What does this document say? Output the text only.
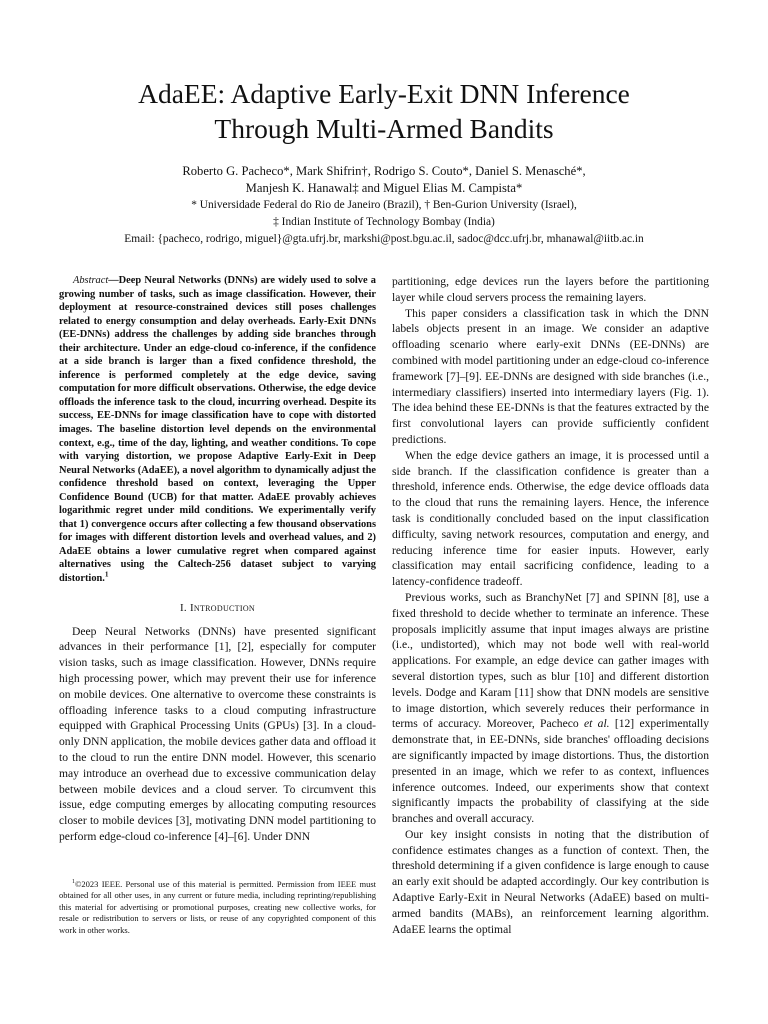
AdaEE: Adaptive Early-Exit DNN Inference
Through Multi-Armed Bandits
Roberto G. Pacheco*, Mark Shifrin†, Rodrigo S. Couto*, Daniel S. Menasché*,
Manjesh K. Hanawal‡ and Miguel Elias M. Campista*
* Universidade Federal do Rio de Janeiro (Brazil), † Ben-Gurion University (Israel),
‡ Indian Institute of Technology Bombay (India)
Email: {pacheco, rodrigo, miguel}@gta.ufrj.br, markshi@post.bgu.ac.il, sadoc@dcc.ufrj.br, mhanawal@iitb.ac.in

Abstract—Deep Neural Networks (DNNs) are widely used to solve a growing number of tasks, such as image classification. However, their deployment at resource-constrained devices still poses challenges related to energy consumption and delay overheads. Early-Exit DNNs (EE-DNNs) address the challenges by adding side branches through their architecture. Under an edge-cloud co-inference, if the confidence at a side branch is larger than a fixed confidence threshold, the inference is performed completely at the edge device, saving computation for more difficult observations. Otherwise, the edge device offloads the inference task to the cloud, incurring overhead. Despite its success, EE-DNNs for image classification have to cope with distorted images. The baseline distortion level depends on the environmental context, e.g., time of the day, lighting, and weather conditions. To cope with varying distortion, we propose Adaptive Early-Exit in Deep Neural Networks (AdaEE), a novel algorithm to dynamically adjust the confidence threshold based on context, leveraging the Upper Confidence Bound (UCB) for that matter. AdaEE provably achieves logarithmic regret under mild conditions. We experimentally verify that 1) convergence occurs after collecting a few thousand observations for images with different distortion levels and overhead values, and 2) AdaEE obtains a lower cumulative regret when compared against alternatives using the Caltech-256 dataset subject to varying distortion.$^1$

I. Introduction

Deep Neural Networks (DNNs) have presented significant advances in their performance [1], [2], especially for computer vision tasks, such as image classification. However, DNNs require high processing power, which may prevent their use for inference on mobile devices. One alternative to overcome these constraints is offloading inference tasks to a cloud computing infrastructure equipped with Graphical Processing Units (GPUs) [3]. In a cloud-only DNN application, the mobile devices gather data and offload it to the cloud to run the entire DNN model. However, this scenario may introduce an overhead due to excessive communication delay between mobile devices and a cloud server. To circumvent this issue, edge computing emerges by allocating computing resources closer to mobile devices [3], motivating DNN model partitioning to perform edge-cloud co-inference [4]–[6]. Under DNN

$^1$©2023 IEEE. Personal use of this material is permitted. Permission from IEEE must obtained for all other uses, in any current or future media, including reprinting/republishing this material for advertising or promotional purposes, creating new collective works, for resale or redistribution to servers or lists, or reuse of any copyrighted component of this work in other works.

partitioning, edge devices run the layers before the partitioning layer while cloud servers process the remaining layers.

This paper considers a classification task in which the DNN labels objects present in an image. We consider an adaptive offloading scenario where early-exit DNNs (EE-DNNs) are combined with model partitioning under an edge-cloud co-inference framework [7]–[9]. EE-DNNs are designed with side branches (i.e., intermediary classifiers) inserted into intermediary layers (Fig. 1). The idea behind these EE-DNNs is that the features extracted by the first convolutional layers can provide sufficiently confident predictions.

When the edge device gathers an image, it is processed until a side branch. If the classification confidence is greater than a threshold, inference ends. Otherwise, the edge device offloads data to the cloud that runs the remaining layers. Hence, the inference task is conditionally concluded based on the input classification difficulty, saving network resources, computation and energy, and reducing inference time for easier inputs. However, early classification may entail sacrificing confidence, leading to a latency-confidence tradeoff.

Previous works, such as BranchyNet [7] and SPINN [8], use a fixed threshold to decide whether to terminate an inference. These proposals implicitly assume that input images always are pristine (i.e., undistorted), which may not bode well with real-world applications. For example, an edge device can gather images with several distortion types, such as blur [10] and different distortion levels. Dodge and Karam [11] show that DNN models are sensitive to image distortion, which severely reduces their performance in terms of accuracy. Moreover, Pacheco et al. [12] experimentally demonstrate that, in EE-DNNs, side branches' offloading decisions are significantly impacted by image distortions. Thus, the distortion presented in an image, which we refer to as context, influences inference outcomes. Indeed, our experiments show that context significantly impacts the probability of classifying at the side branches and overall accuracy.

Our key insight consists in noting that the distribution of confidence estimates changes as a function of context. Then, the threshold determining if a given confidence is large enough to cause an early exit should be adapted accordingly. Our key contribution is Adaptive Early-Exit in Neural Networks (AdaEE) based on multi-armed bandits (MABs), an reinforcement learning algorithm. AdaEE learns the optimal
